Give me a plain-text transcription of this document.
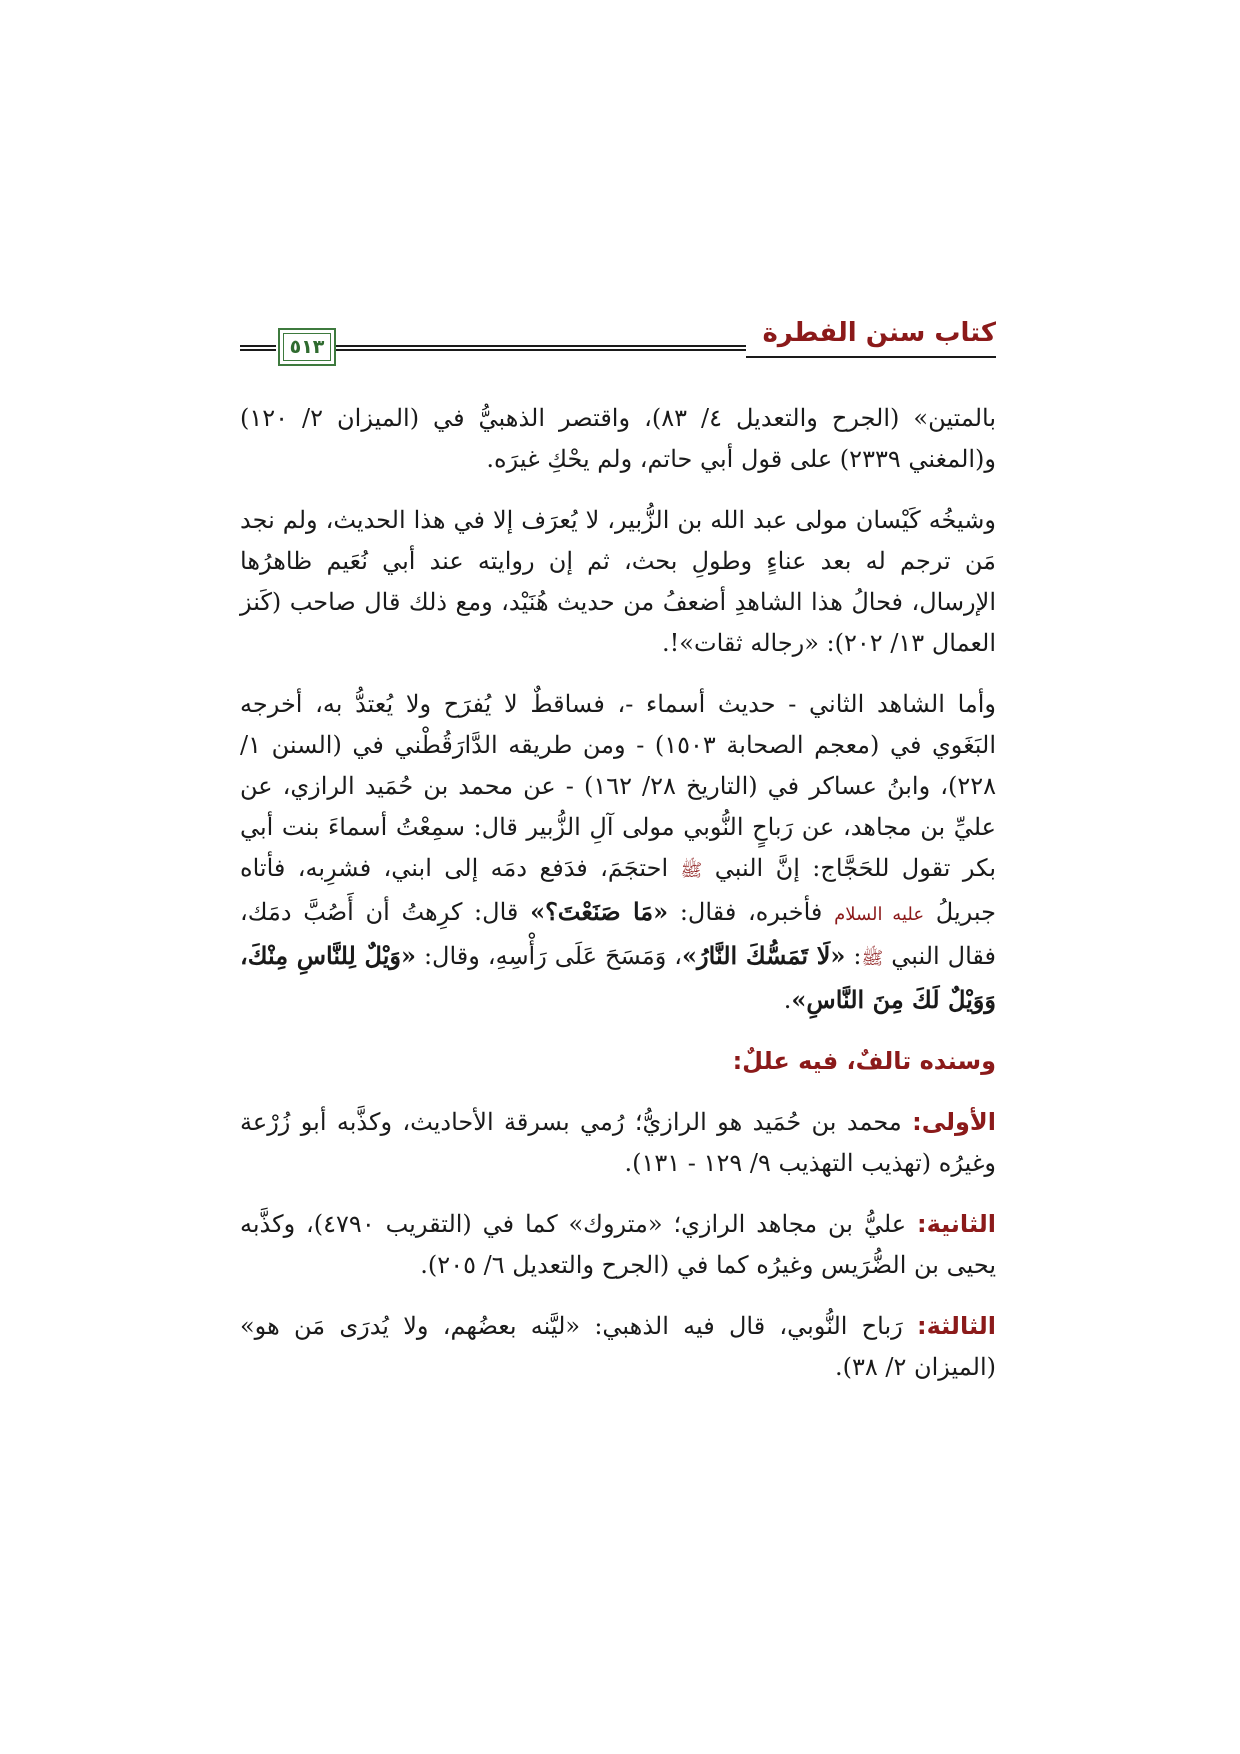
كتاب سنن الفطرة
٥١٣

بالمتين» (الجرح والتعديل ٤/ ٨٣)، واقتصر الذهبيُّ في (الميزان ٢/ ١٢٠) و(المغني ٢٣٣٩) على قول أبي حاتم، ولم يحْكِ غيرَه.

وشيخُه كَيْسان مولى عبد الله بن الزُّبير، لا يُعرَف إلا في هذا الحديث، ولم نجد مَن ترجم له بعد عناءٍ وطولِ بحث، ثم إن روايته عند أبي نُعَيم ظاهرُها الإرسال، فحالُ هذا الشاهدِ أضعفُ من حديث هُنَيْد، ومع ذلك قال صاحب (كَنز العمال ١٣/ ٢٠٢): «رجاله ثقات»!.

وأما الشاهد الثاني - حديث أسماء -، فساقطٌ لا يُفرَح ولا يُعتدُّ به، أخرجه البَغَوي في (معجم الصحابة ١٥٠٣) - ومن طريقه الدَّارَقُطْني في (السنن ١/ ٢٢٨)، وابنُ عساكر في (التاريخ ٢٨/ ١٦٢) - عن محمد بن حُمَيد الرازي، عن عليِّ بن مجاهد، عن رَباحٍ النُّوبي مولى آلِ الزُّبير قال: سمِعْتُ أسماءَ بنت أبي بكر تقول للحَجَّاج: إنَّ النبي ﷺ احتجَمَ، فدَفع دمَه إلى ابني، فشرِبه، فأتاه جبريلُ عليه السلام فأخبره، فقال: «مَا صَنَعْتَ؟» قال: كرِهتُ أن أَصُبَّ دمَك، فقال النبي ﷺ: «لَا تَمَسُّكَ النَّارُ»، وَمَسَحَ عَلَى رَأْسِهِ، وقال: «وَيْلٌ لِلنَّاسِ مِنْكَ، وَوَيْلٌ لَكَ مِنَ النَّاسِ».

وسنده تالفٌ، فيه عللٌ:

الأولى: محمد بن حُمَيد هو الرازيُّ؛ رُمي بسرقة الأحاديث، وكذَّبه أبو زُرْعة وغيرُه (تهذيب التهذيب ٩/ ١٢٩ - ١٣١).

الثانية: عليُّ بن مجاهد الرازي؛ «متروك» كما في (التقريب ٤٧٩٠)، وكذَّبه يحيى بن الضُّرَيس وغيرُه كما في (الجرح والتعديل ٦/ ٢٠٥).

الثالثة: رَباح النُّوبي، قال فيه الذهبي: «ليَّنه بعضُهم، ولا يُدرَى مَن هو» (الميزان ٢/ ٣٨).
